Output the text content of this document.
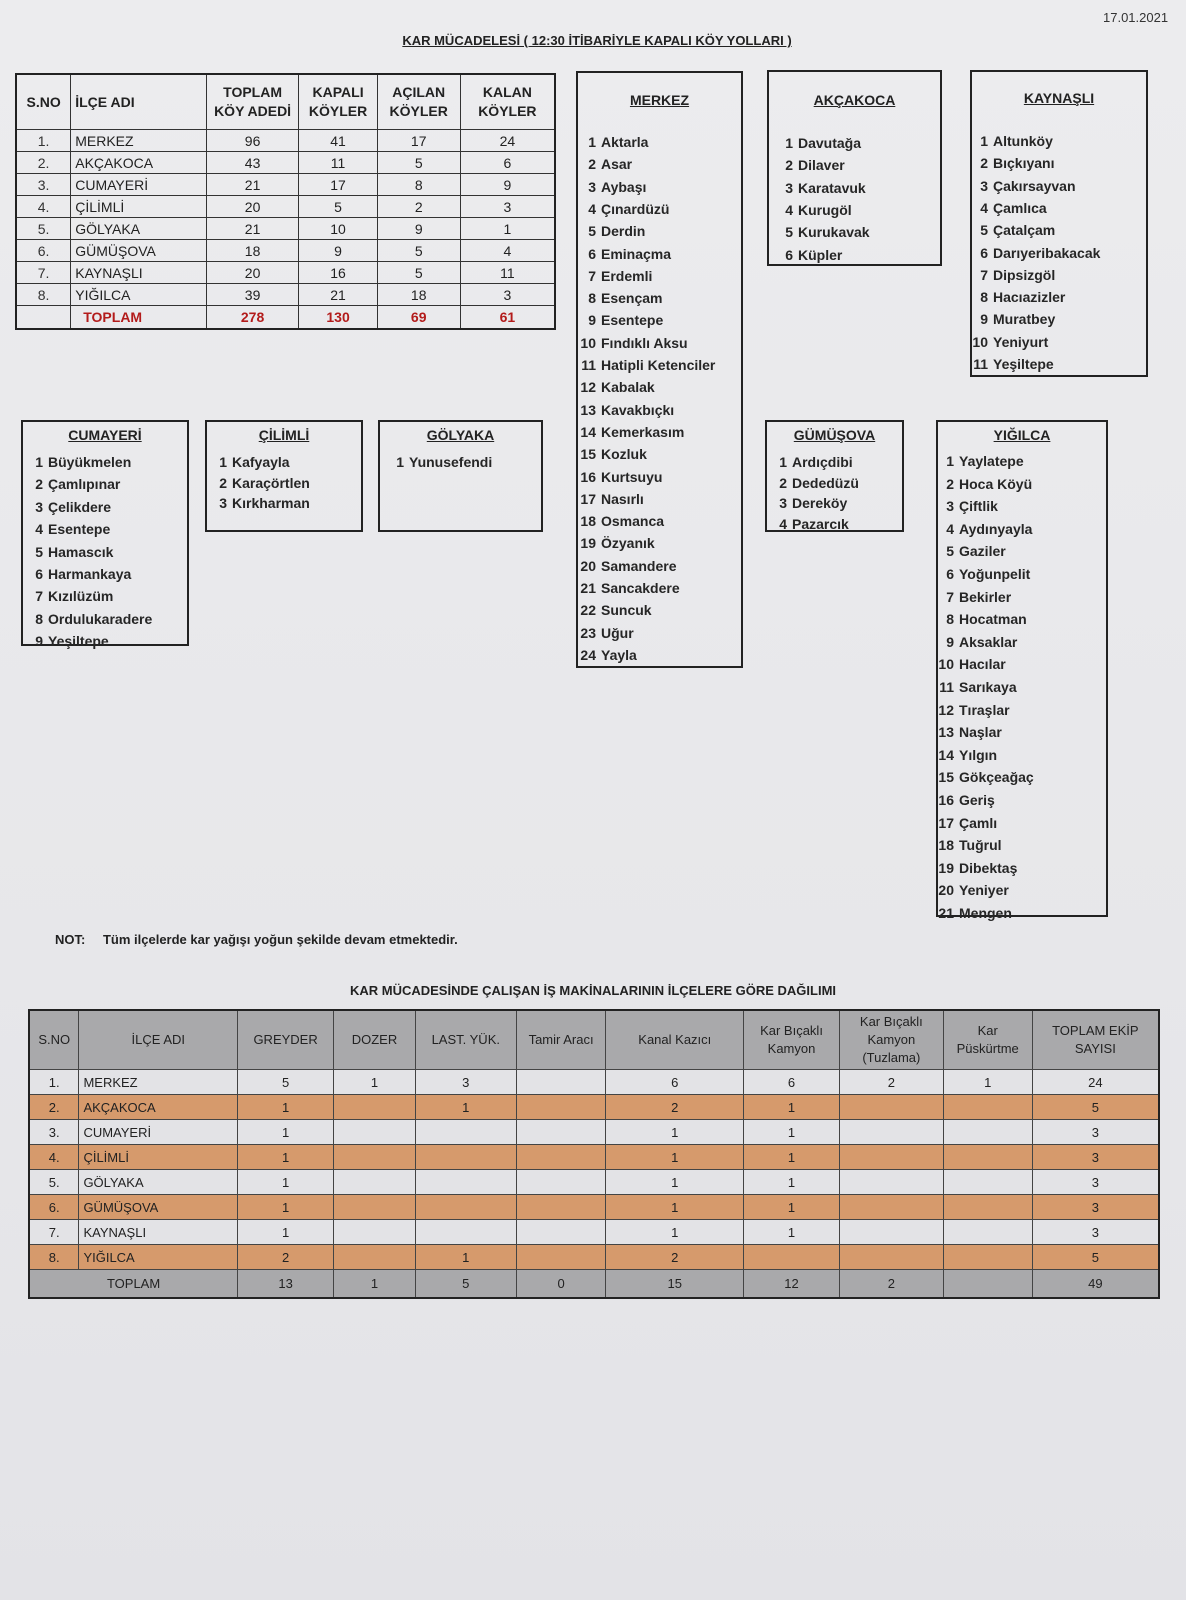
17.01.2021
KAR MÜCADELESİ ( 12:30 İTİBARİYLE KAPALI KÖY YOLLARI )
S.NO	İLÇE ADI	TOPLAM KÖY ADEDİ	KAPALI KÖYLER	AÇILAN KÖYLER	KALAN KÖYLER
1.	MERKEZ	96	41	17	24
2.	AKÇAKOCA	43	11	5	6
3.	CUMAYERİ	21	17	8	9
4.	ÇİLİMLİ	20	5	2	3
5.	GÖLYAKA	21	10	9	1
6.	GÜMÜŞOVA	18	9	5	4
7.	KAYNAŞLI	20	16	5	11
8.	YIĞILCA	39	21	18	3
	TOPLAM	278	130	69	61
MERKEZ
1 Aktarla
2 Asar
3 Aybaşı
4 Çınardüzü
5 Derdin
6 Eminaçma
7 Erdemli
8 Esençam
9 Esentepe
10 Fındıklı Aksu
11 Hatipli Ketenciler
12 Kabalak
13 Kavakbıçkı
14 Kemerkasım
15 Kozluk
16 Kurtsuyu
17 Nasırlı
18 Osmanca
19 Özyanık
20 Samandere
21 Sancakdere
22 Suncuk
23 Uğur
24 Yayla
AKÇAKOCA
1 Davutağa
2 Dilaver
3 Karatavuk
4 Kurugöl
5 Kurukavak
6 Küpler
KAYNAŞLI
1 Altunköy
2 Bıçkıyanı
3 Çakırsayvan
4 Çamlıca
5 Çatalçam
6 Darıyeribakacak
7 Dipsizgöl
8 Hacıazizler
9 Muratbey
10 Yeniyurt
11 Yeşiltepe
CUMAYERİ
1 Büyükmelen
2 Çamlıpınar
3 Çelikdere
4 Esentepe
5 Hamascık
6 Harmankaya
7 Kızılüzüm
8 Ordulukaradere
9 Yeşiltepe
ÇİLİMLİ
1 Kafyayla
2 Karaçörtlen
3 Kırkharman
GÖLYAKA
1 Yunusefendi
GÜMÜŞOVA
1 Ardıçdibi
2 Dededüzü
3 Dereköy
4 Pazarcık
YIĞILCA
1 Yaylatepe
2 Hoca Köyü
3 Çiftlik
4 Aydınyayla
5 Gaziler
6 Yoğunpelit
7 Bekirler
8 Hocatman
9 Aksaklar
10 Hacılar
11 Sarıkaya
12 Tıraşlar
13 Naşlar
14 Yılgın
15 Gökçeağaç
16 Geriş
17 Çamlı
18 Tuğrul
19 Dibektaş
20 Yeniyer
21 Mengen
NOT: Tüm ilçelerde kar yağışı yoğun şekilde devam etmektedir.
KAR MÜCADESİNDE ÇALIŞAN İŞ MAKİNALARININ İLÇELERE GÖRE DAĞILIMI
S.NO	İLÇE ADI	GREYDER	DOZER	LAST. YÜK.	Tamir Aracı	Kanal Kazıcı	Kar Bıçaklı Kamyon	Kar Bıçaklı Kamyon (Tuzlama)	Kar Püskürtme	TOPLAM EKİP SAYISI
1.	MERKEZ	5	1	3		6	6	2	1	24
2.	AKÇAKOCA	1		1		2	1			5
3.	CUMAYERİ	1				1	1			3
4.	ÇİLİMLİ	1				1	1			3
5.	GÖLYAKA	1				1	1			3
6.	GÜMÜŞOVA	1				1	1			3
7.	KAYNAŞLI	1				1	1			3
8.	YIĞILCA	2		1		2				5
TOPLAM		13	1	5	0	15	12	2		49
